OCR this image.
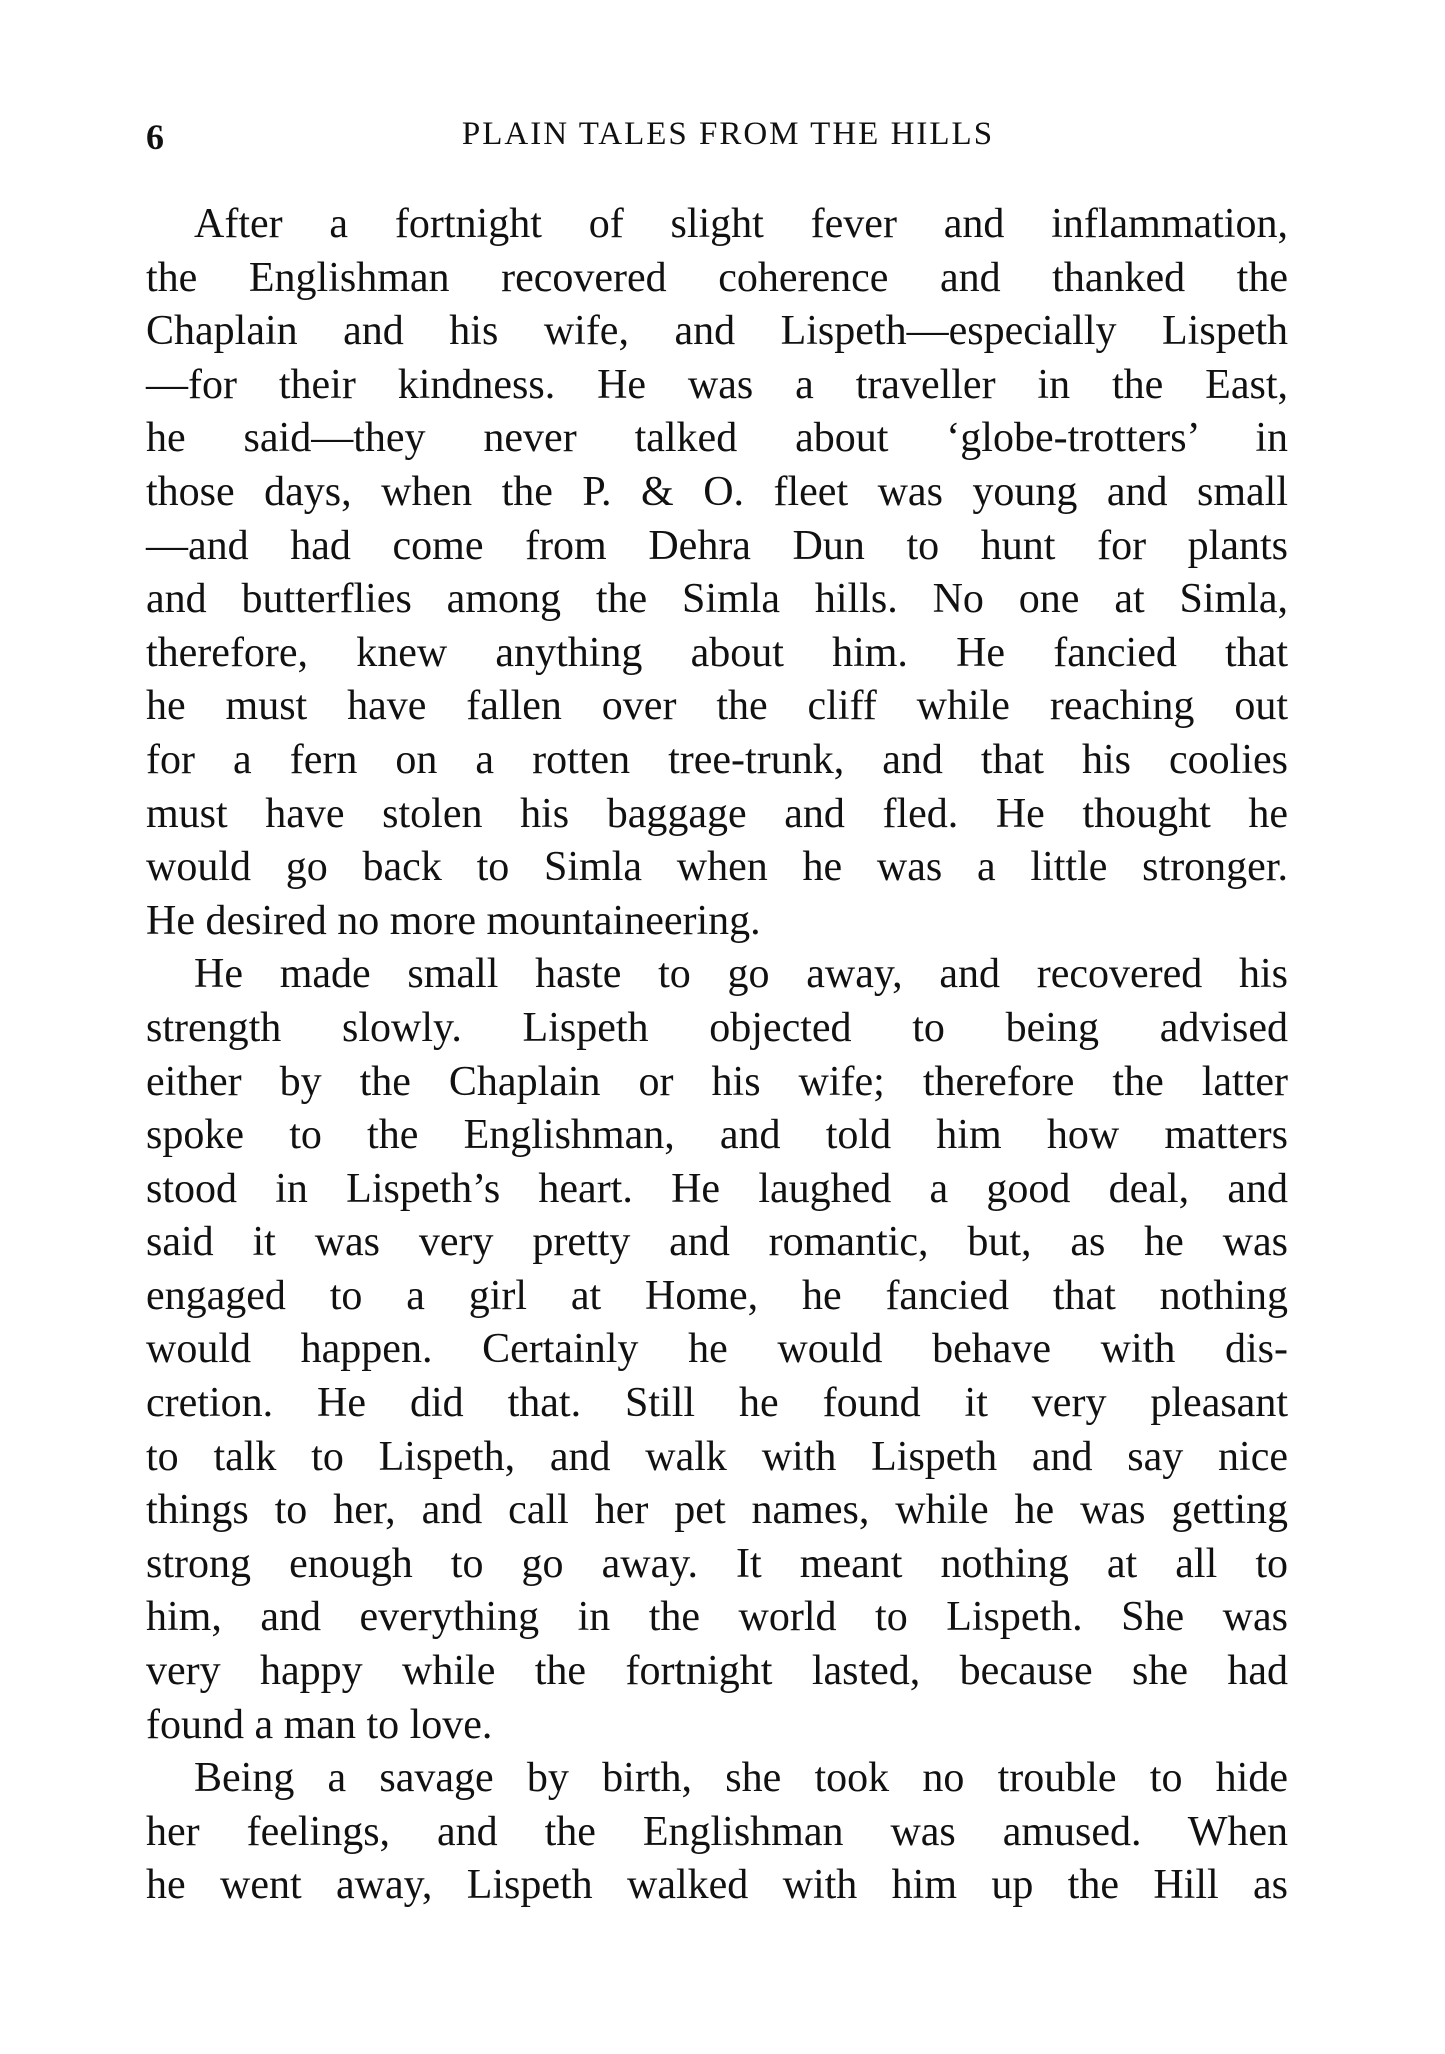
6	PLAIN TALES FROM THE HILLS
After a fortnight of slight fever and inflammation,
the Englishman recovered coherence and thanked the
Chaplain and his wife, and Lispeth—especially Lispeth
—for their kindness. He was a traveller in the East,
he said—they never talked about ‘globe-trotters’ in
those days, when the P. & O. fleet was young and small
—and had come from Dehra Dun to hunt for plants
and butterflies among the Simla hills. No one at Simla,
therefore, knew anything about him. He fancied that
he must have fallen over the cliff while reaching out
for a fern on a rotten tree-trunk, and that his coolies
must have stolen his baggage and fled. He thought he
would go back to Simla when he was a little stronger.
He desired no more mountaineering.
He made small haste to go away, and recovered his
strength slowly. Lispeth objected to being advised
either by the Chaplain or his wife; therefore the latter
spoke to the Englishman, and told him how matters
stood in Lispeth’s heart. He laughed a good deal, and
said it was very pretty and romantic, but, as he was
engaged to a girl at Home, he fancied that nothing
would happen. Certainly he would behave with dis-
cretion. He did that. Still he found it very pleasant
to talk to Lispeth, and walk with Lispeth and say nice
things to her, and call her pet names, while he was getting
strong enough to go away. It meant nothing at all to
him, and everything in the world to Lispeth. She was
very happy while the fortnight lasted, because she had
found a man to love.
Being a savage by birth, she took no trouble to hide
her feelings, and the Englishman was amused. When
he went away, Lispeth walked with him up the Hill as
